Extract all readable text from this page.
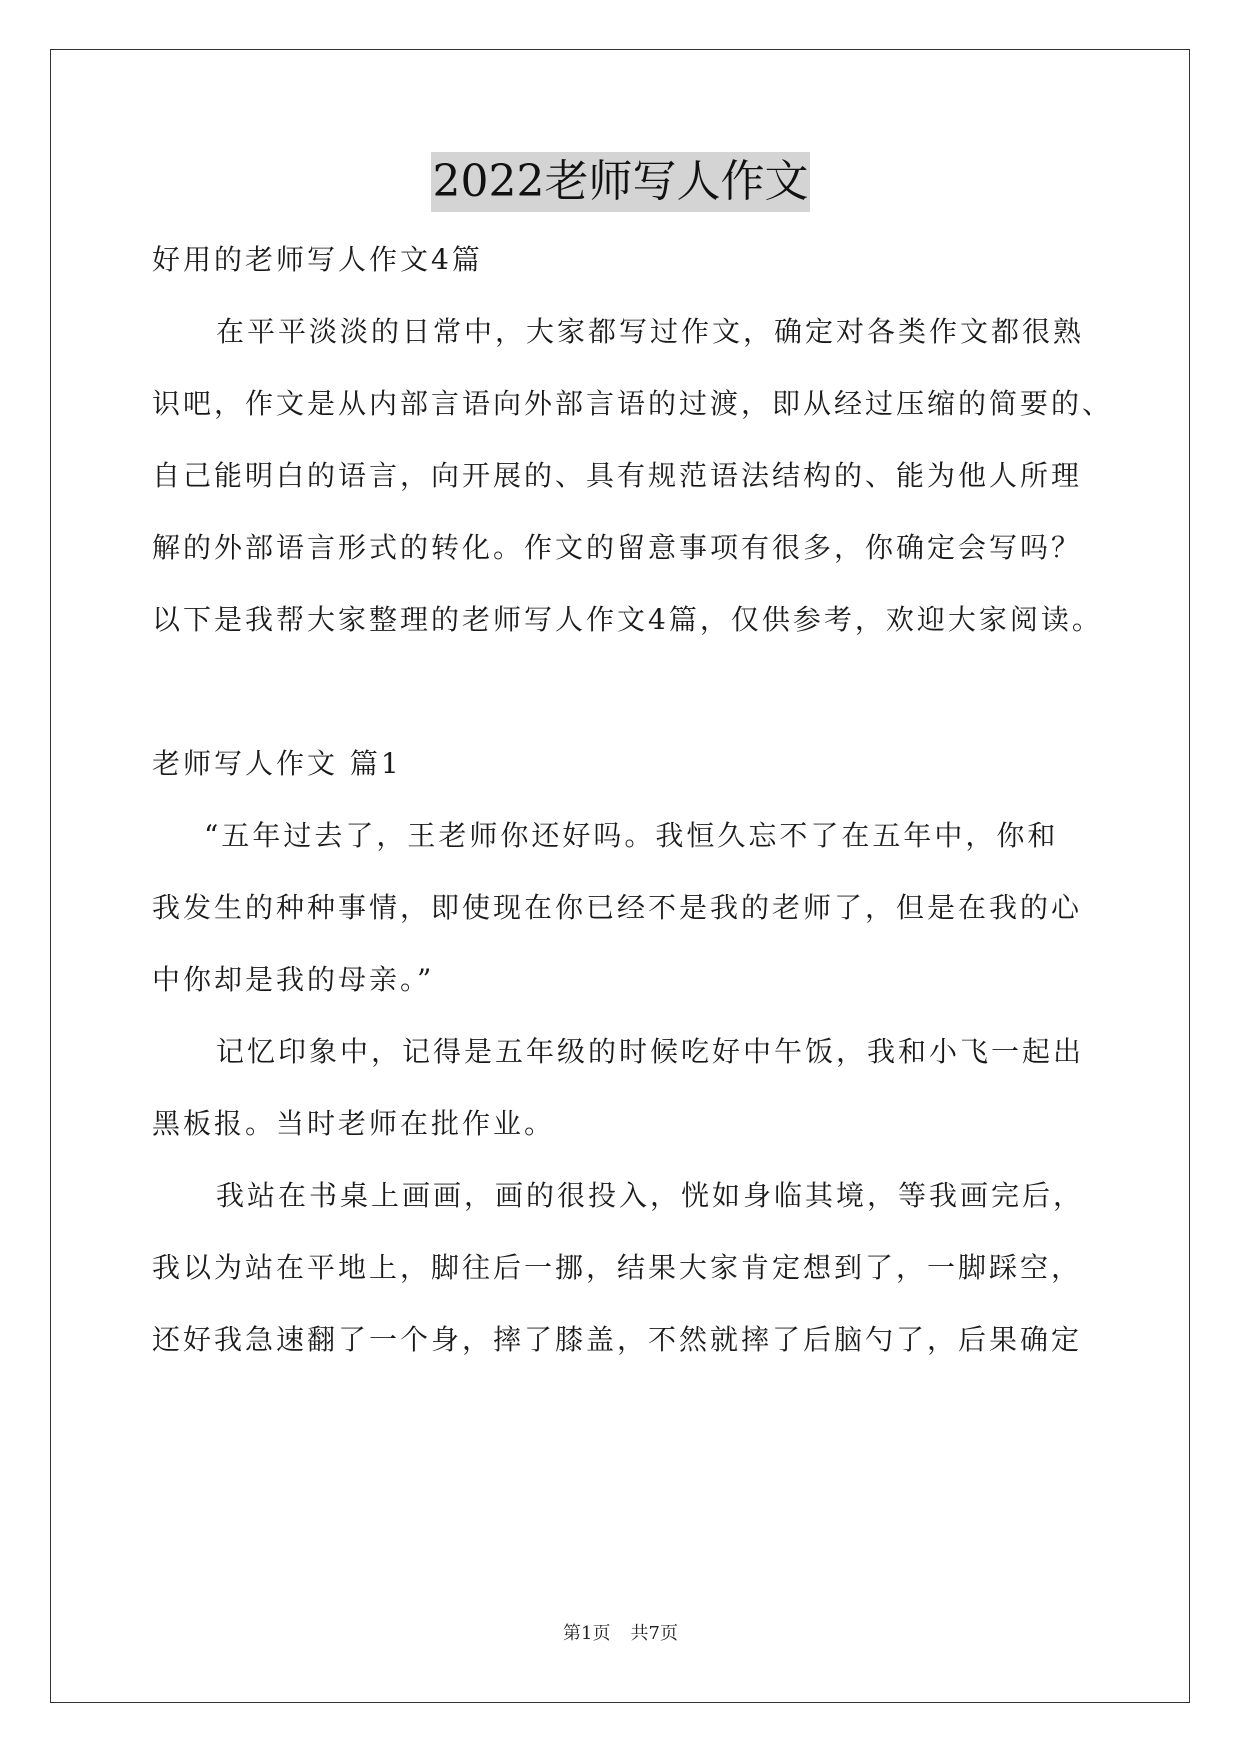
2022老师写人作文
好用的老师写人作文4篇
在平平淡淡的日常中，大家都写过作文，确定对各类作文都很熟
识吧，作文是从内部言语向外部言语的过渡，即从经过压缩的简要的、
自己能明白的语言，向开展的、具有规范语法结构的、能为他人所理
解的外部语言形式的转化。作文的留意事项有很多，你确定会写吗？
以下是我帮大家整理的老师写人作文4篇，仅供参考，欢迎大家阅读。
老师写人作文 篇1
“五年过去了，王老师你还好吗。我恒久忘不了在五年中，你和
我发生的种种事情，即使现在你已经不是我的老师了，但是在我的心
中你却是我的母亲。”
记忆印象中，记得是五年级的时候吃好中午饭，我和小飞一起出
黑板报。当时老师在批作业。
我站在书桌上画画，画的很投入，恍如身临其境，等我画完后，
我以为站在平地上，脚往后一挪，结果大家肯定想到了，一脚踩空，
还好我急速翻了一个身，摔了膝盖，不然就摔了后脑勺了，后果确定
第1页 共7页
